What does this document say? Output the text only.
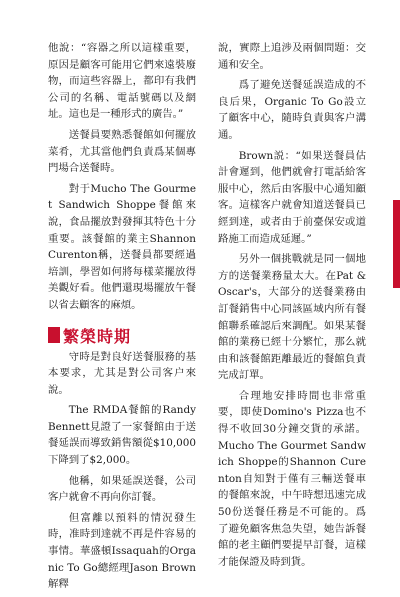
他說：“容器之所以這樣重要，原因是顧客可能用它們來遠裝廢物，而這些容器上，都印有我們公司的名稱、電話號碼以及網址。這也是一種形式的廣告。”

送餐員要熟悉餐館如何擺放菜肴，尤其當他們負責爲某個專門場合送餐時。

對于Mucho The Gourmet Sandwich Shoppe餐館來說，食品擺放對發揮其特色十分重要。該餐館的業主Shannon Curenton稱，送餐員都要經過培訓，學習如何將每樣菜擺放得美觀好看。他們還現場擺放午餐以省去顧客的麻煩。

繁榮時期

守時是對良好送餐服務的基本要求，尤其是對公司客户來說。

The RMDA餐館的Randy Bennett見證了一家餐館由于送餐延誤而導致銷售額從$10,000下降到了$2,000。

他稱，如果延誤送餐，公司客户就會不再向你訂餐。

但富離以預料的情況發生時，准時到達就不再是件容易的事情。華盛頓Issaquah的Organic To Go總經理Jason Brown解釋

說，實際上追涉及兩個問題：交通和安全。

爲了避免送餐延誤造成的不良后果，Organic To Go設立了顧客中心，隨時負責與客户溝通。

Brown説：“如果送餐員估計會遲到，他們就會打電話給客服中心，然后由客服中心通知顧客。這樣客户就會知道送餐員已經到達，或者由于前臺保安或道路施工而造成延遲。”

另外一個挑戰就是同一個地方的送餐業務量太大。在Pat & Oscar's，大部分的送餐業務由訂餐銷售中心同該區域内所有餐館聯系確認后來調配。如果某餐館的業務已經十分繁忙，那么就由和該餐館距離最近的餐館負責完成訂單。

合理地安排時間也非常重要，即使Domino's Pizza也不得不收回30分鐘交貨的承諾。Mucho The Gourmet Sandwich Shoppe的Shannon Curenton自知對于僅有三輛送餐車的餐館來說，中午時想迅速完成50份送餐任務是不可能的。爲了避免顧客焦急失望，她告訴餐館的老主顧們要提早訂餐，這樣才能保證及時到貨。
